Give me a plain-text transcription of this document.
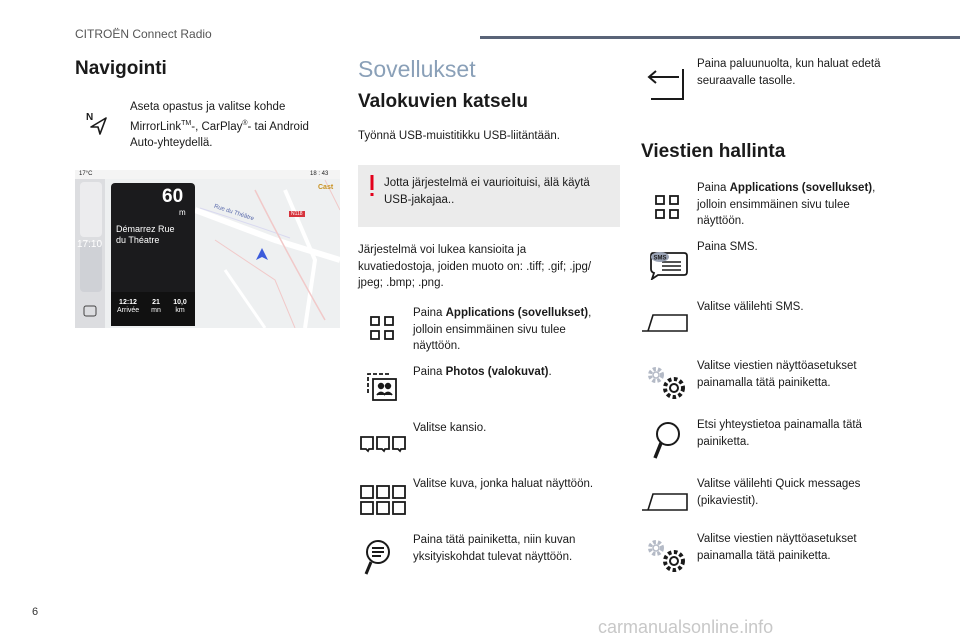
CITROËN Connect Radio
Navigointi
N
Aseta opastus ja valitse kohde
MirrorLink™-, CarPlay®- tai Android
Auto-yhteydellä.
17°C	18 : 43
Cast
17:10
60
m
Démarrez Rue
du Théatre
12:12
Arrivée
21
mn
10,0
km
Rue du Théâtre	N118
Sovellukset
Valokuvien katselu
Työnnä USB-muistitikku USB-liitäntään.
Jotta järjestelmä ei vaurioituisi, älä käytä
USB-jakajaa..
Järjestelmä voi lukea kansioita ja
kuvatiedostoja, joiden muoto on: .tiff; .gif; .jpg/
jpeg; .bmp; .png.
Paina Applications (sovellukset),
jolloin ensimmäinen sivu tulee
näyttöön.
Paina Photos (valokuvat).
Valitse kansio.
Valitse kuva, jonka haluat näyttöön.
Paina tätä painiketta, niin kuvan
yksityiskohdat tulevat näyttöön.
Paina paluunuolta, kun haluat edetä
seuraavalle tasolle.
Viestien hallinta
Paina Applications (sovellukset),
jolloin ensimmäinen sivu tulee
näyttöön.
SMS
Paina SMS.
Valitse välilehti SMS.
Valitse viestien näyttöasetukset
painamalla tätä painiketta.
Etsi yhteystietoa painamalla tätä
painiketta.
Valitse välilehti Quick messages
(pikaviestit).
Valitse viestien näyttöasetukset
painamalla tätä painiketta.
6
carmanualsonline.info
